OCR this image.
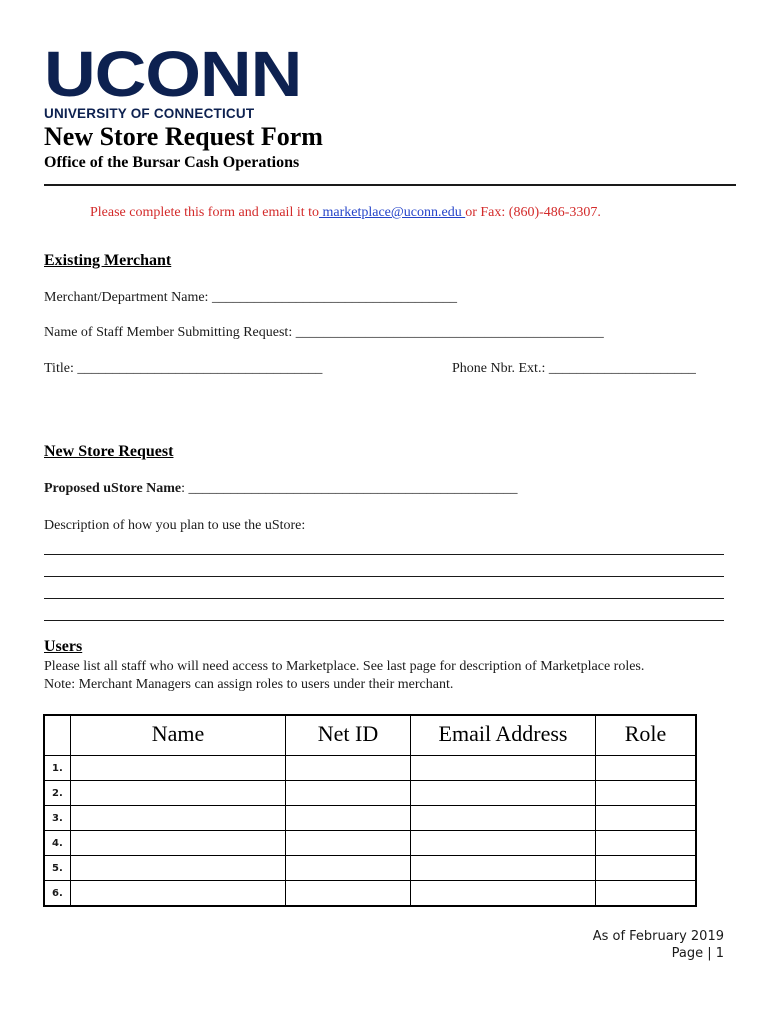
UCONN
UNIVERSITY OF CONNECTICUT
New Store Request Form
Office of the Bursar Cash Operations
Please complete this form and email it to marketplace@uconn.edu or Fax: (860)-486-3307.
Existing Merchant
Merchant/Department Name: ___________________________________
Name of Staff Member Submitting Request: ____________________________________________
Title: ___________________________________	Phone Nbr. Ext.: _____________________
New Store Request
Proposed uStore Name: _______________________________________________
Description of how you plan to use the uStore:
Users
Please list all staff who will need access to Marketplace. See last page for description of Marketplace roles.
Note: Merchant Managers can assign roles to users under their merchant.
	Name	Net ID	Email Address	Role
1.				
2.				
3.				
4.				
5.				
6.				
As of February 2019
Page | 1
